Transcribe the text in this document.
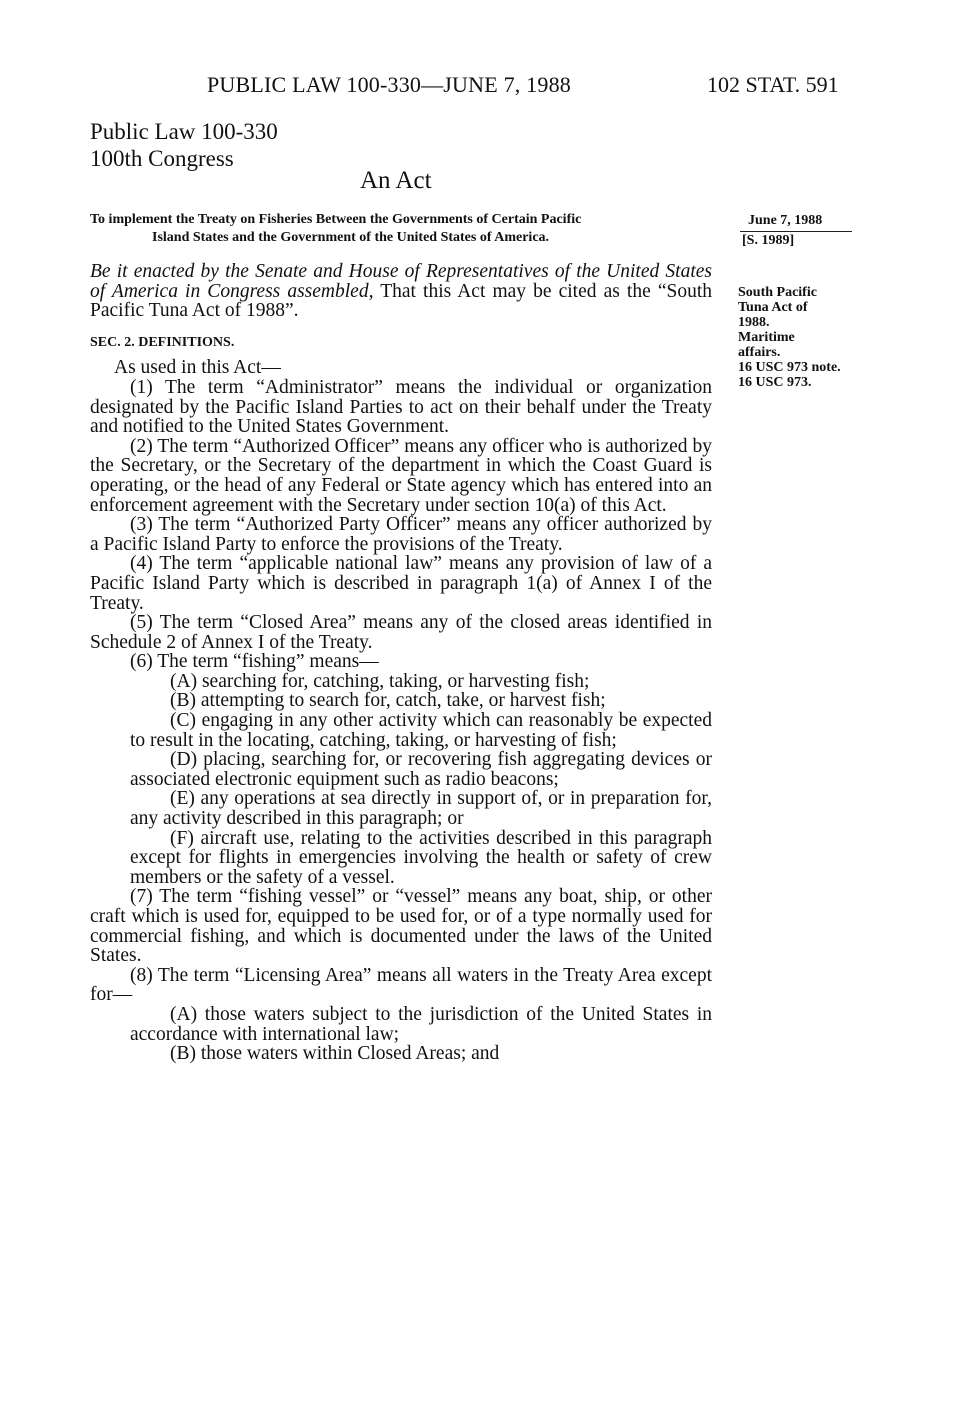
PUBLIC LAW 100-330—JUNE 7, 1988	102 STAT. 591

Public Law 100-330

100th Congress

An Act

To implement the Treaty on Fisheries Between the Governments of Certain Pacific
Island States and the Government of the United States of America.
June 7, 1988
[S. 1989]

South Pacific Tuna Act of 1988.

Maritime affairs.

16 USC 973 note.

16 USC 973.

Be it enacted by the Senate and House of Representatives of the United States of America in Congress assembled, That this Act may be cited as the “South Pacific Tuna Act of 1988”.

SEC. 2. DEFINITIONS.

As used in this Act—

(1) The term “Administrator” means the individual or organization designated by the Pacific Island Parties to act on their behalf under the Treaty and notified to the United States Government.

(2) The term “Authorized Officer” means any officer who is authorized by the Secretary, or the Secretary of the department in which the Coast Guard is operating, or the head of any Federal or State agency which has entered into an enforcement agreement with the Secretary under section 10(a) of this Act.

(3) The term “Authorized Party Officer” means any officer authorized by a Pacific Island Party to enforce the provisions of the Treaty.

(4) The term “applicable national law” means any provision of law of a Pacific Island Party which is described in paragraph 1(a) of Annex I of the Treaty.

(5) The term “Closed Area” means any of the closed areas identified in Schedule 2 of Annex I of the Treaty.

(6) The term “fishing” means—

(A) searching for, catching, taking, or harvesting fish;

(B) attempting to search for, catch, take, or harvest fish;

(C) engaging in any other activity which can reasonably be expected to result in the locating, catching, taking, or harvesting of fish;

(D) placing, searching for, or recovering fish aggregating devices or associated electronic equipment such as radio beacons;

(E) any operations at sea directly in support of, or in preparation for, any activity described in this paragraph; or

(F) aircraft use, relating to the activities described in this paragraph except for flights in emergencies involving the health or safety of crew members or the safety of a vessel.

(7) The term “fishing vessel” or “vessel” means any boat, ship, or other craft which is used for, equipped to be used for, or of a type normally used for commercial fishing, and which is documented under the laws of the United States.

(8) The term “Licensing Area” means all waters in the Treaty Area except for—

(A) those waters subject to the jurisdiction of the United States in accordance with international law;

(B) those waters within Closed Areas; and
